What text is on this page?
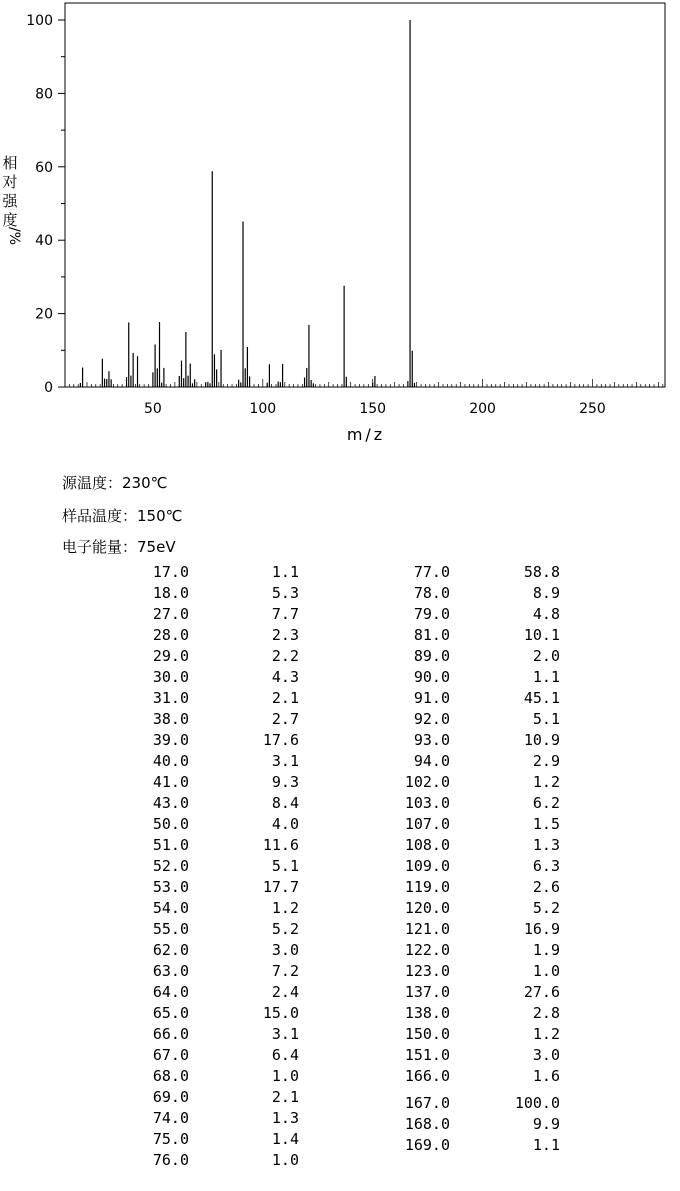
0
20
40
60
80
100
50	100	150	200	250
相对强度
m/z
/%
源温度：230℃
样品温度：150℃
电子能量：75eV
17.0	1.1
18.0	5.3
27.0	7.7
28.0	2.3
29.0	2.2
30.0	4.3
31.0	2.1
38.0	2.7
39.0	17.6
40.0	3.1
41.0	9.3
43.0	8.4
50.0	4.0
51.0	11.6
52.0	5.1
53.0	17.7
54.0	1.2
55.0	5.2
62.0	3.0
63.0	7.2
64.0	2.4
65.0	15.0
66.0	3.1
67.0	6.4
68.0	1.0
69.0	2.1
74.0	1.3
75.0	1.4
76.0	1.0
77.0	58.8
78.0	8.9
79.0	4.8
81.0	10.1
89.0	2.0
90.0	1.1
91.0	45.1
92.0	5.1
93.0	10.9
94.0	2.9
102.0	1.2
103.0	6.2
107.0	1.5
108.0	1.3
109.0	6.3
119.0	2.6
120.0	5.2
121.0	16.9
122.0	1.9
123.0	1.0
137.0	27.6
138.0	2.8
150.0	1.2
151.0	3.0
166.0	1.6
167.0	100.0
168.0	9.9
169.0	1.1
